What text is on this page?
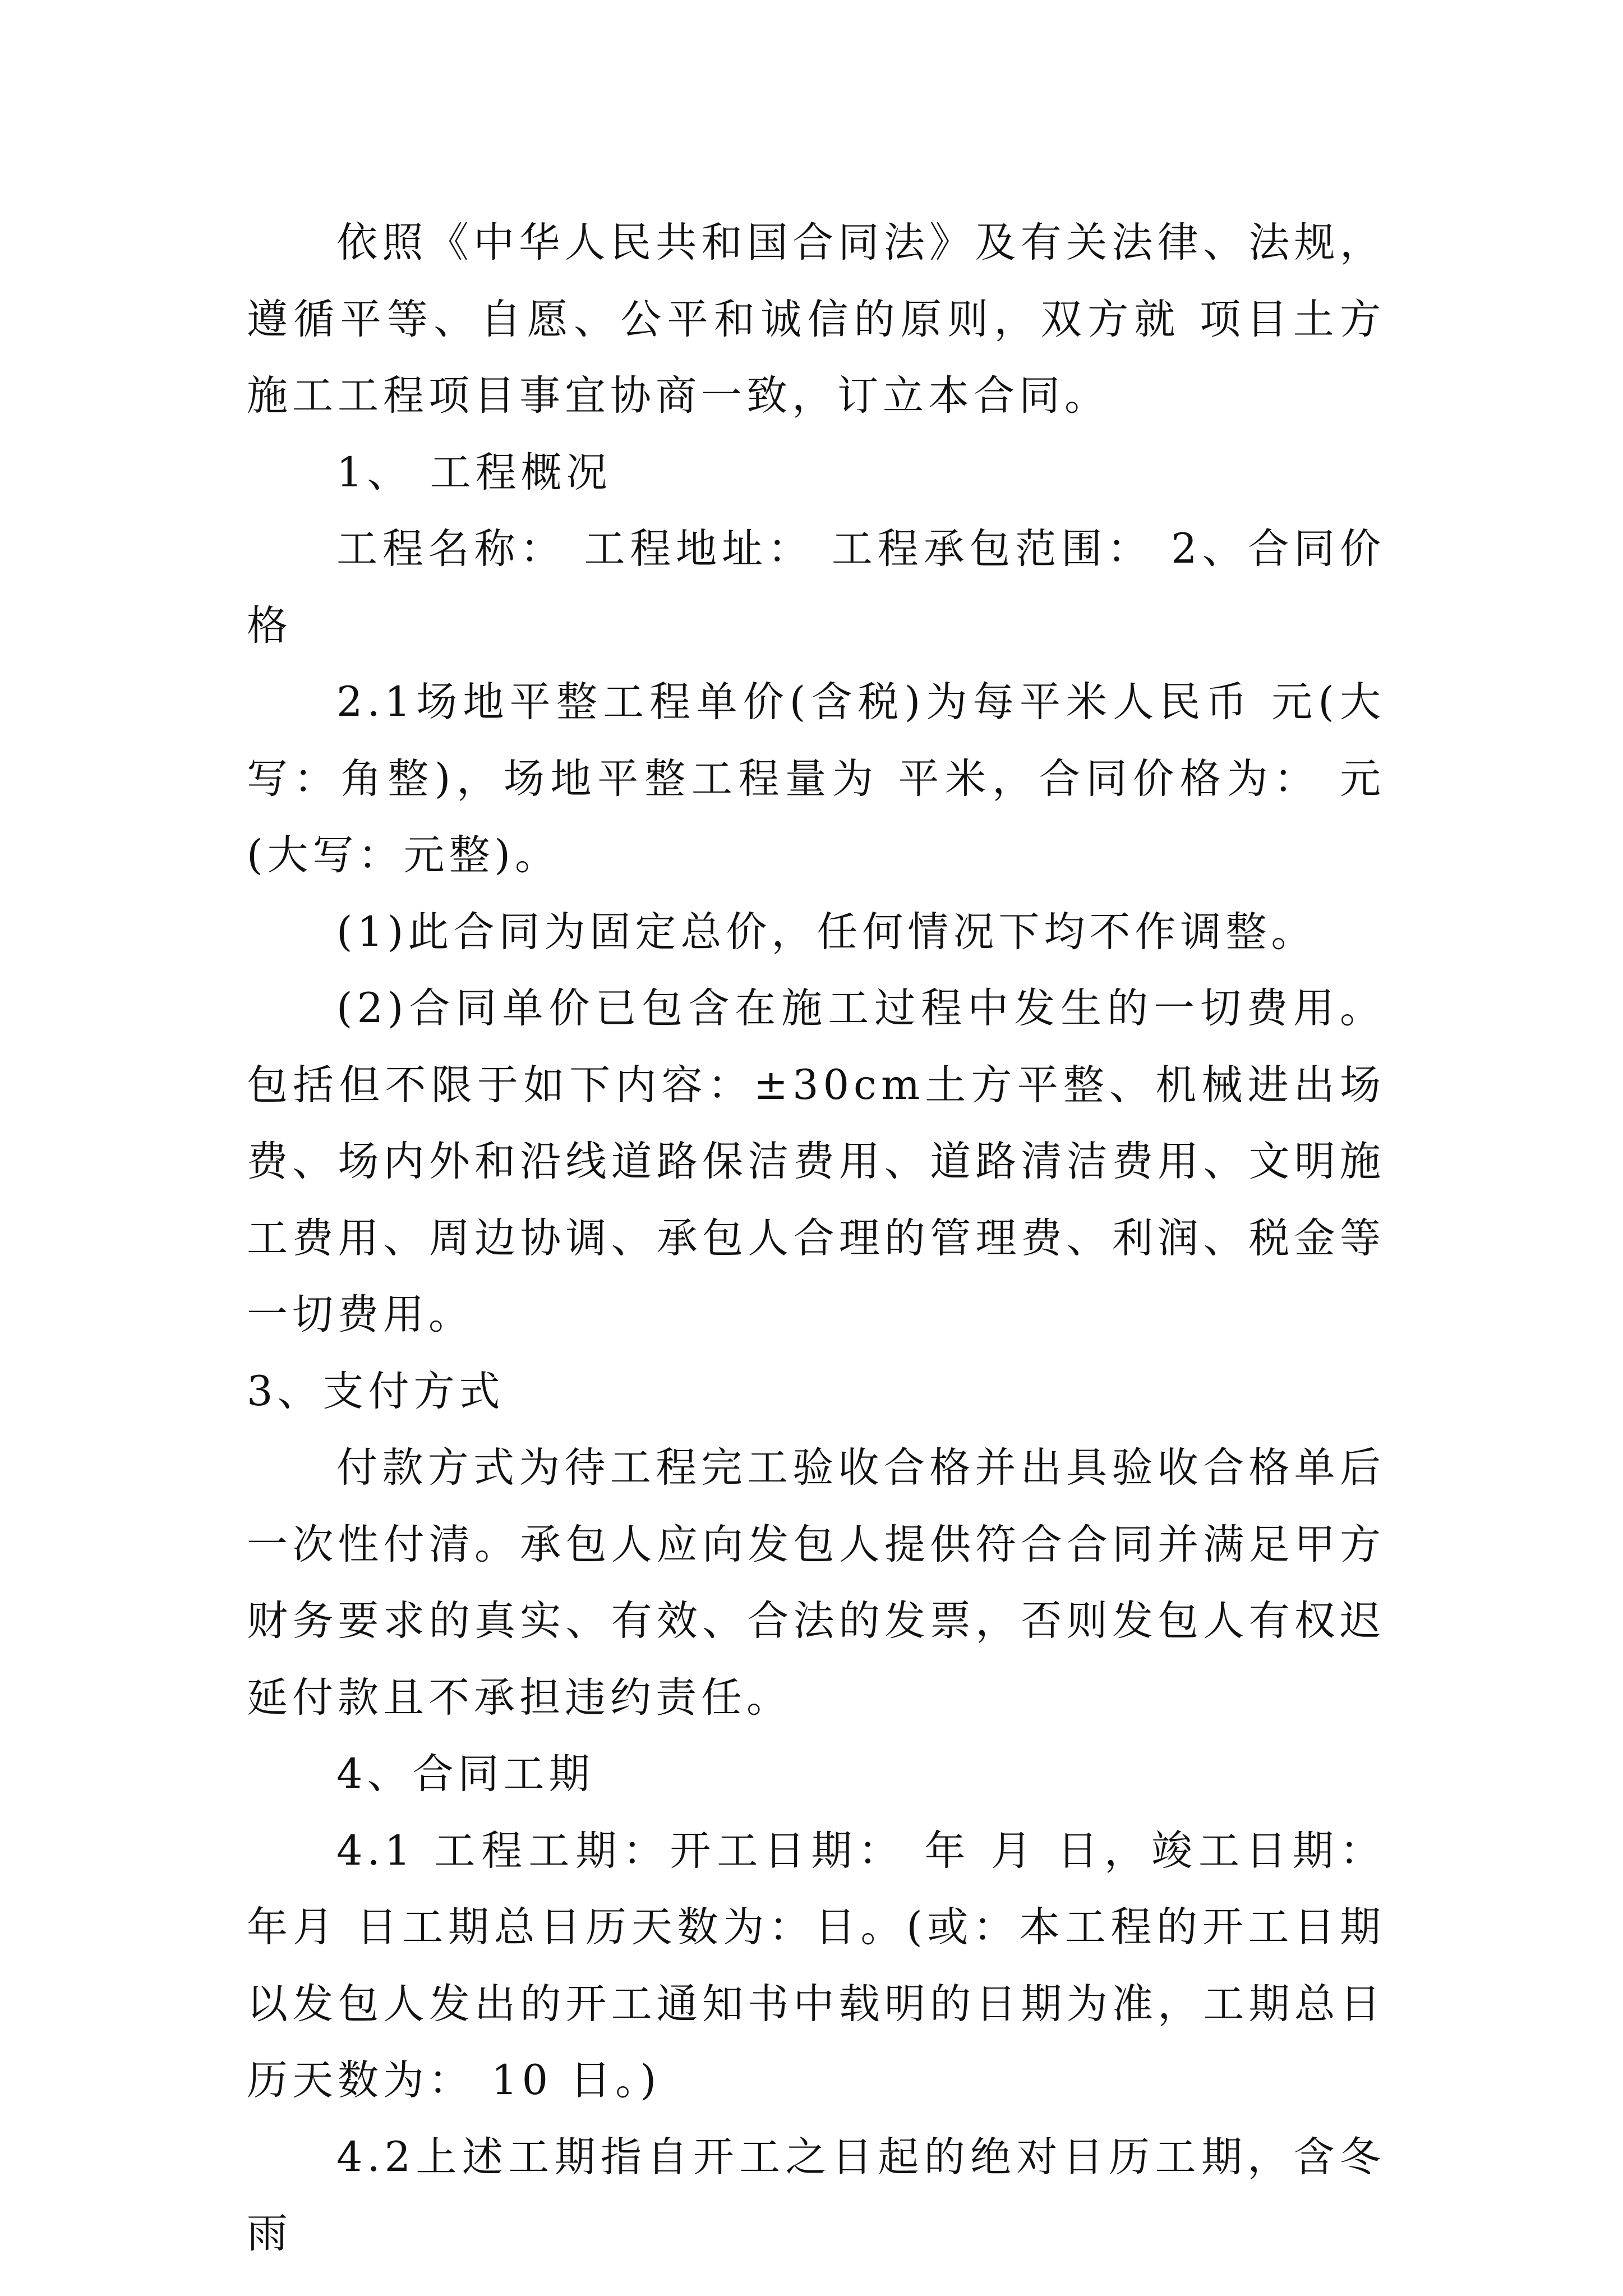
依照《中华人民共和国合同法》及有关法律、法规，遵循平等、自愿、公平和诚信的原则，双方就 项目土方施工工程项目事宜协商一致，订立本合同。

1、 工程概况

工程名称： 工程地址： 工程承包范围： 2、合同价格

2.1场地平整工程单价(含税)为每平米人民币 元(大写：角整)，场地平整工程量为 平米，合同价格为： 元(大写：元整)。

(1)此合同为固定总价，任何情况下均不作调整。

(2)合同单价已包含在施工过程中发生的一切费用。包括但不限于如下内容：±30cm土方平整、机械进出场费、场内外和沿线道路保洁费用、道路清洁费用、文明施工费用、周边协调、承包人合理的管理费、利润、税金等一切费用。

3、支付方式

付款方式为待工程完工验收合格并出具验收合格单后一次性付清。承包人应向发包人提供符合合同并满足甲方财务要求的真实、有效、合法的发票，否则发包人有权迟延付款且不承担违约责任。

4、合同工期

4.1 工程工期：开工日期： 年 月 日，竣工日期： 年月 日工期总日历天数为：日。(或：本工程的开工日期以发包人发出的开工通知书中载明的日期为准，工期总日历天数为： 10 日。)

4.2上述工期指自开工之日起的绝对日历工期，含冬雨
